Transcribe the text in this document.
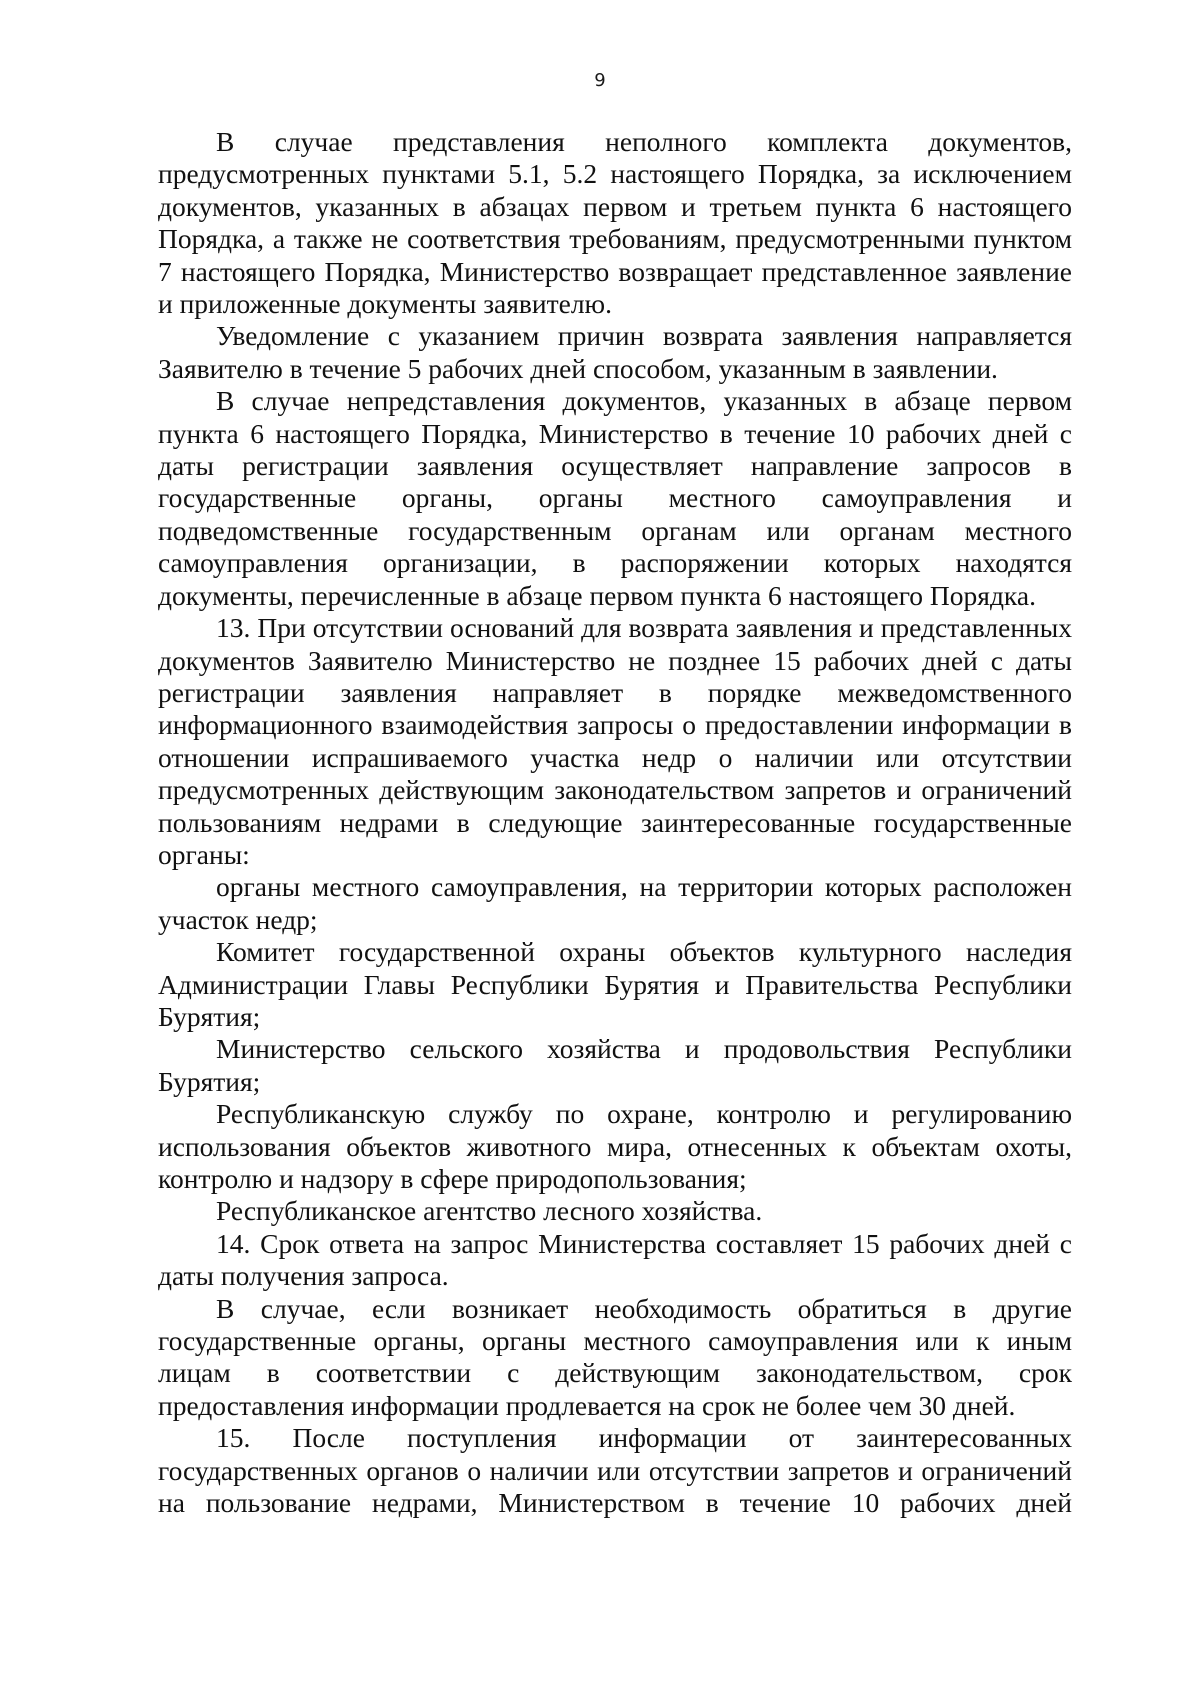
9

В случае представления неполного комплекта документов, предусмотренных пунктами 5.1, 5.2 настоящего Порядка, за исключением документов, указанных в абзацах первом и третьем пункта 6 настоящего Порядка, а также не соответствия требованиям, предусмотренными пунктом 7 настоящего Порядка, Министерство возвращает представленное заявление и приложенные документы заявителю.

Уведомление с указанием причин возврата заявления направляется Заявителю в течение 5 рабочих дней способом, указанным в заявлении.

В случае непредставления документов, указанных в абзаце первом пункта 6 настоящего Порядка, Министерство в течение 10 рабочих дней с даты регистрации заявления осуществляет направление запросов в государственные органы, органы местного самоуправления и подведомственные государственным органам или органам местного самоуправления организации, в распоряжении которых находятся документы, перечисленные в абзаце первом пункта 6 настоящего Порядка.

13. При отсутствии оснований для возврата заявления и представленных документов Заявителю Министерство не позднее 15 рабочих дней с даты регистрации заявления направляет в порядке межведомственного информационного взаимодействия запросы о предоставлении информации в отношении испрашиваемого участка недр о наличии или отсутствии предусмотренных действующим законодательством запретов и ограничений пользованиям недрами в следующие заинтересованные государственные органы:

органы местного самоуправления, на территории которых расположен участок недр;

Комитет государственной охраны объектов культурного наследия Администрации Главы Республики Бурятия и Правительства Республики Бурятия;

Министерство сельского хозяйства и продовольствия Республики Бурятия;

Республиканскую службу по охране, контролю и регулированию использования объектов животного мира, отнесенных к объектам охоты, контролю и надзору в сфере природопользования;

Республиканское агентство лесного хозяйства.

14. Срок ответа на запрос Министерства составляет 15 рабочих дней с даты получения запроса.

В случае, если возникает необходимость обратиться в другие государственные органы, органы местного самоуправления или к иным лицам в соответствии с действующим законодательством, срок предоставления информации продлевается на срок не более чем 30 дней.

15. После поступления информации от заинтересованных государственных органов о наличии или отсутствии запретов и ограничений на пользование недрами, Министерством в течение 10 рабочих дней
